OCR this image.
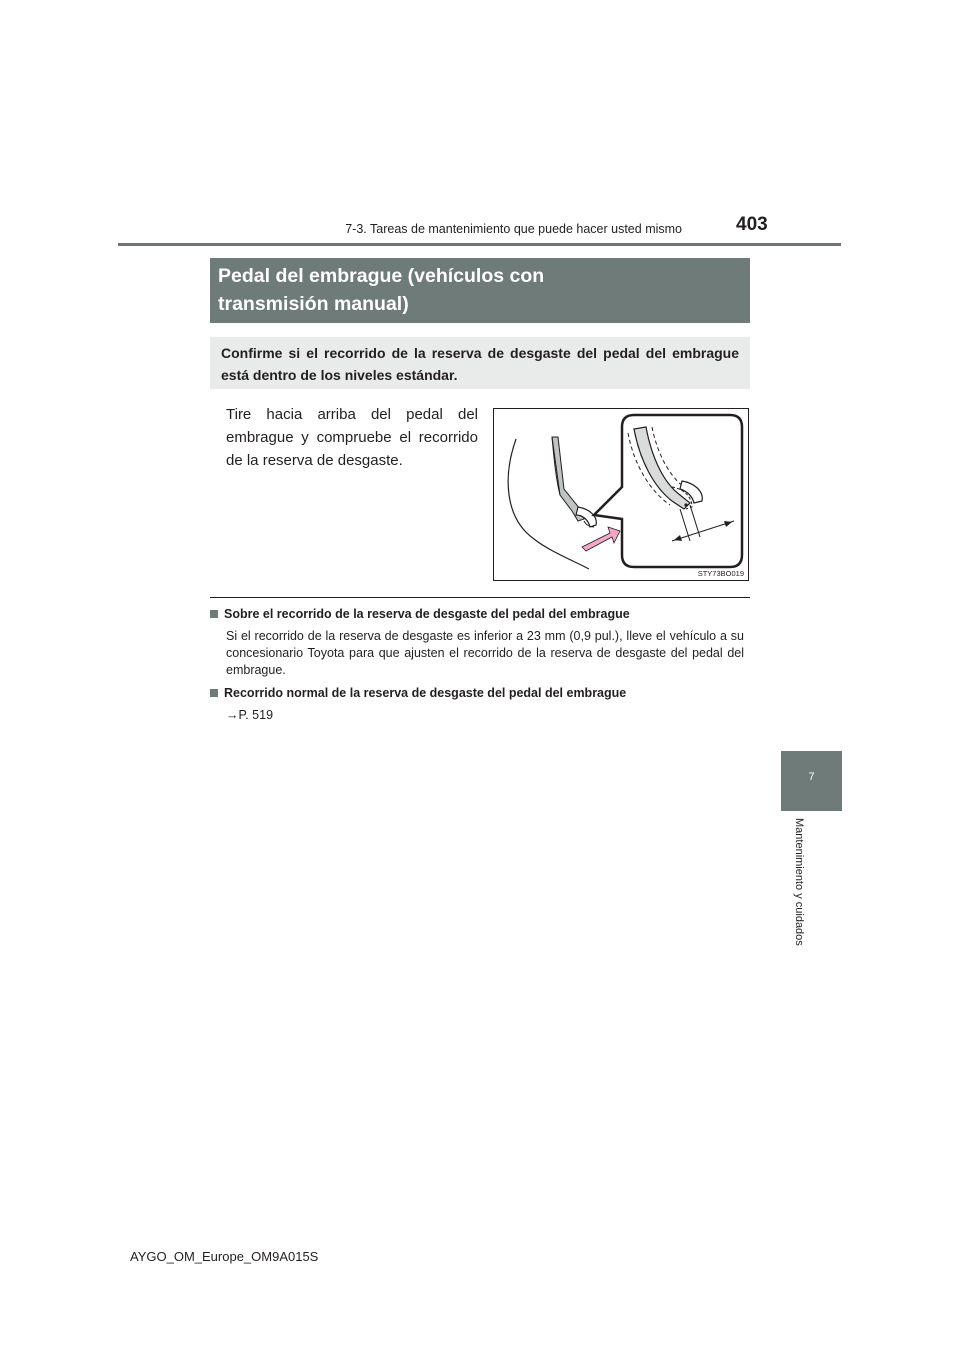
7-3. Tareas de mantenimiento que puede hacer usted mismo	403
Pedal del embrague (vehículos con
transmisión manual)
Confirme si el recorrido de la reserva de desgaste del pedal del embrague está dentro de los niveles estándar.
Tire hacia arriba del pedal del embrague y compruebe el recorrido de la reserva de desgaste.
STY73BO019
Sobre el recorrido de la reserva de desgaste del pedal del embrague
Si el recorrido de la reserva de desgaste es inferior a 23 mm (0,9 pul.), lleve el vehículo a su concesionario Toyota para que ajusten el recorrido de la reserva de desgaste del pedal del embrague.
Recorrido normal de la reserva de desgaste del pedal del embrague
→P. 519
7
Mantenimiento y cuidados
AYGO_OM_Europe_OM9A015S
